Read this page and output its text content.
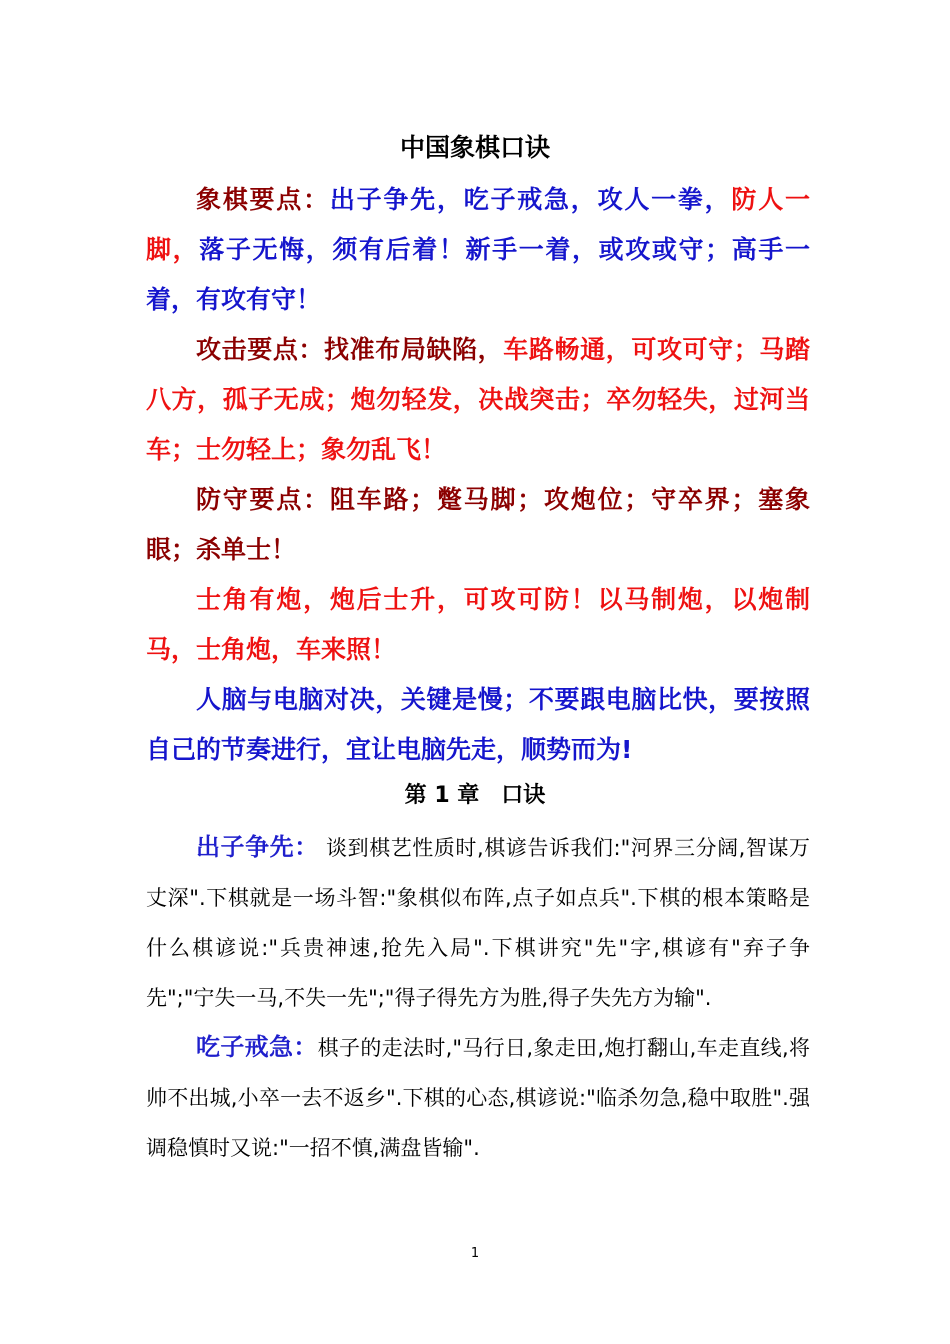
中国象棋口诀
象棋要点：出子争先，吃子戒急，攻人一拳，防人一脚，落子无悔，须有后着！新手一着，或攻或守；高手一着，有攻有守！
攻击要点：找准布局缺陷，车路畅通，可攻可守；马踏八方，孤子无成；炮勿轻发，决战突击；卒勿轻失，过河当车；士勿轻上；象勿乱飞！
防守要点：阻车路；蹩马脚；攻炮位；守卒界；塞象眼；杀单士！
士角有炮，炮后士升，可攻可防！以马制炮，以炮制马，士角炮，车来照！
人脑与电脑对决，关键是慢；不要跟电脑比快，要按照自己的节奏进行，宜让电脑先走，顺势而为!
第 1 章　口诀
出子争先： 谈到棋艺性质时,棋谚告诉我们:"河界三分阔,智谋万丈深".下棋就是一场斗智:"象棋似布阵,点子如点兵".下棋的根本策略是什么棋谚说:"兵贵神速,抢先入局".下棋讲究"先"字,棋谚有"弃子争先";"宁失一马,不失一先";"得子得先方为胜,得子失先方为输".
吃子戒急：棋子的走法时,"马行日,象走田,炮打翻山,车走直线,将帅不出城,小卒一去不返乡".下棋的心态,棋谚说:"临杀勿急,稳中取胜".强调稳慎时又说:"一招不慎,满盘皆输".
1
